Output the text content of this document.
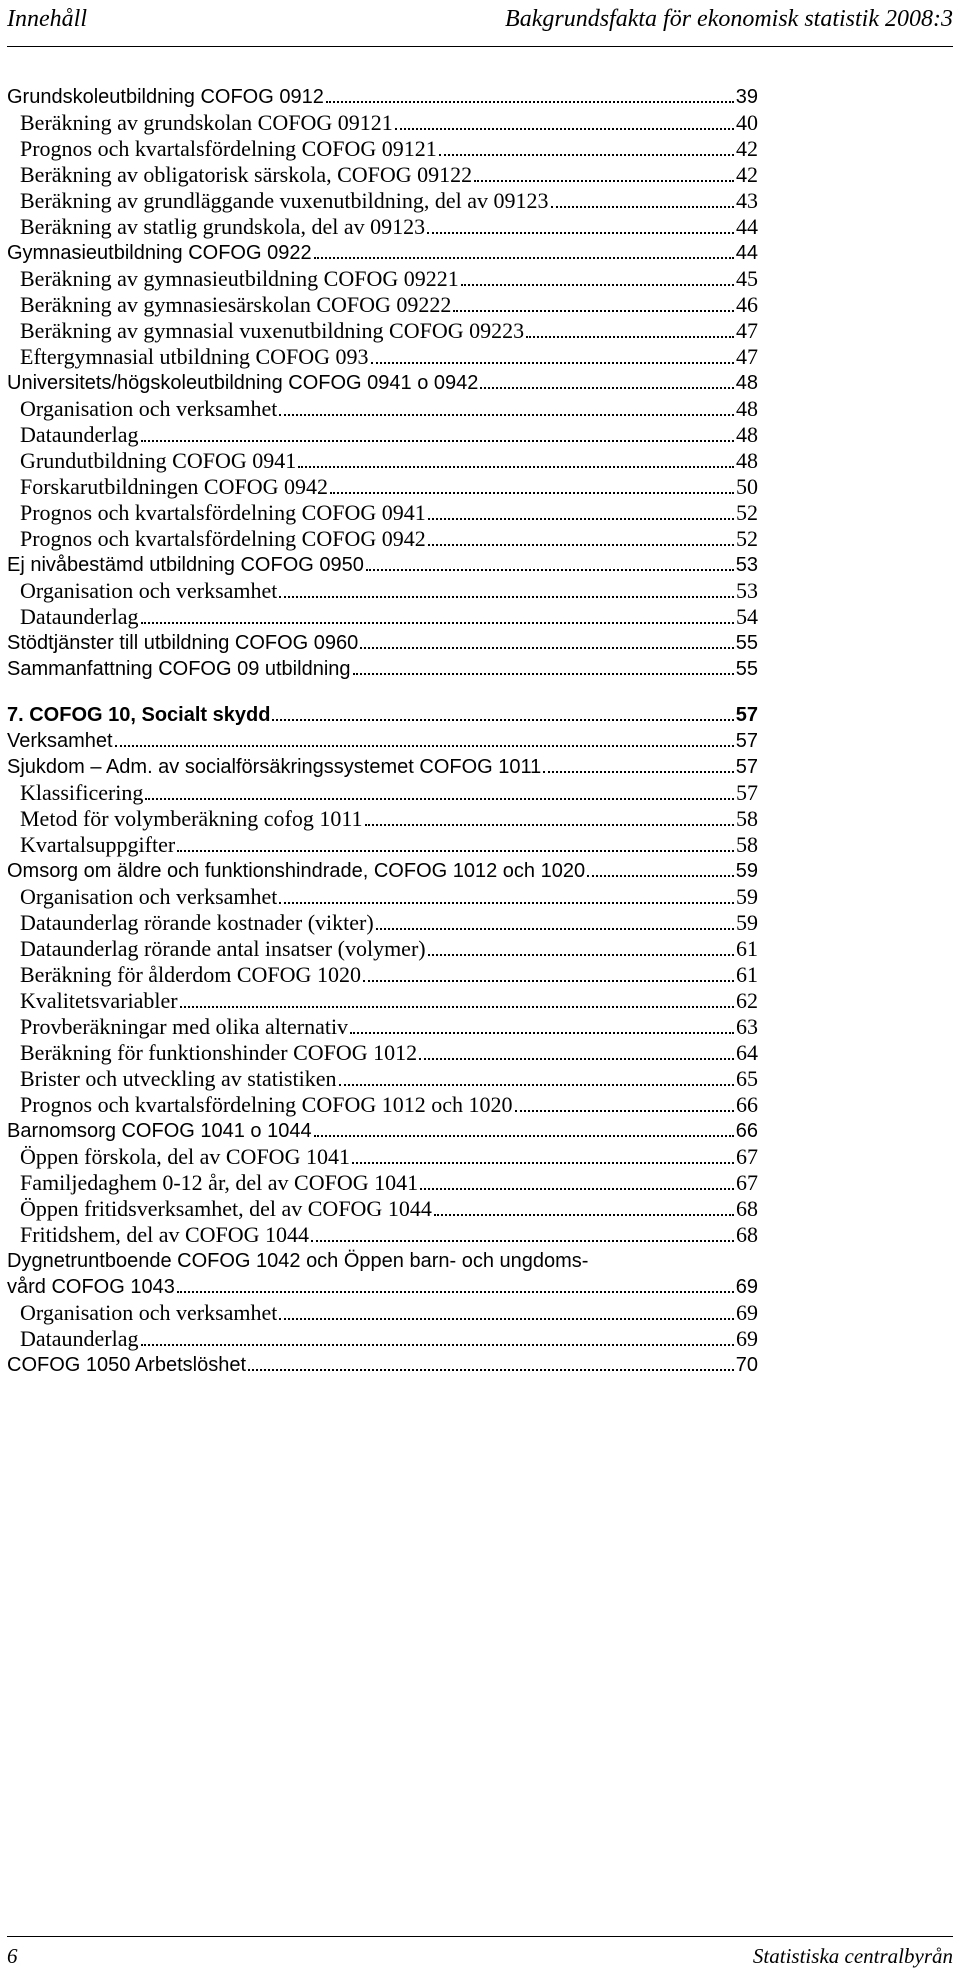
Innehåll	Bakgrundsfakta för ekonomisk statistik 2008:3
Grundskoleutbildning COFOG 0912	39
Beräkning av grundskolan COFOG 09121	40
Prognos och kvartalsfördelning COFOG 09121	42
Beräkning av obligatorisk särskola, COFOG 09122	42
Beräkning av grundläggande vuxenutbildning, del av 09123	43
Beräkning av statlig grundskola, del av 09123	44
Gymnasieutbildning COFOG 0922	44
Beräkning av gymnasieutbildning COFOG 09221	45
Beräkning av gymnasiesärskolan COFOG 09222	46
Beräkning av gymnasial vuxenutbildning COFOG 09223	47
Eftergymnasial utbildning COFOG 093	47
Universitets/högskoleutbildning COFOG 0941 o 0942	48
Organisation och verksamhet	48
Dataunderlag	48
Grundutbildning COFOG 0941	48
Forskarutbildningen COFOG 0942	50
Prognos och kvartalsfördelning COFOG 0941	52
Prognos och kvartalsfördelning COFOG 0942	52
Ej nivåbestämd utbildning COFOG 0950	53
Organisation och verksamhet	53
Dataunderlag	54
Stödtjänster till utbildning COFOG 0960	55
Sammanfattning COFOG 09 utbildning	55
7. COFOG 10, Socialt skydd	57
Verksamhet	57
Sjukdom – Adm. av socialförsäkringssystemet COFOG 1011	57
Klassificering	57
Metod för volymberäkning cofog 1011	58
Kvartalsuppgifter	58
Omsorg om äldre och funktionshindrade, COFOG 1012 och 1020	59
Organisation och verksamhet	59
Dataunderlag rörande kostnader (vikter)	59
Dataunderlag rörande antal insatser (volymer)	61
Beräkning för ålderdom COFOG 1020	61
Kvalitetsvariabler	62
Provberäkningar med olika alternativ	63
Beräkning för funktionshinder COFOG 1012	64
Brister och utveckling av statistiken	65
Prognos och kvartalsfördelning COFOG 1012 och 1020	66
Barnomsorg COFOG 1041 o 1044	66
Öppen förskola, del av COFOG 1041	67
Familjedaghem 0-12 år, del av COFOG 1041	67
Öppen fritidsverksamhet, del av COFOG 1044	68
Fritidshem, del av COFOG 1044	68
Dygnetruntboende COFOG 1042 och Öppen barn- och ungdoms-
vård COFOG 1043	69
Organisation och verksamhet	69
Dataunderlag	69
COFOG 1050 Arbetslöshet	70
6	Statistiska centralbyrån
